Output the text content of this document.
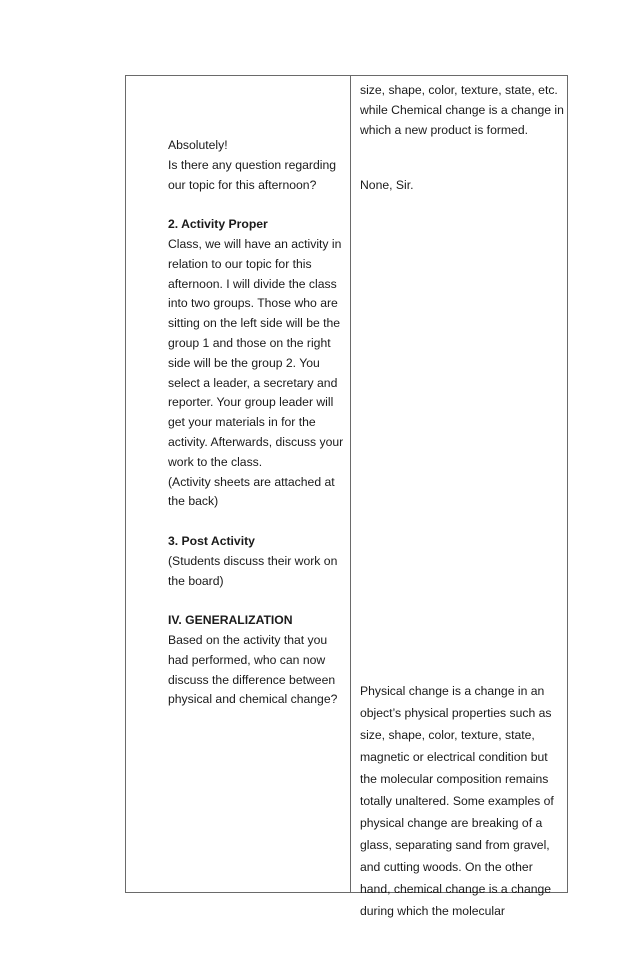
Absolutely!

Is there any question regarding our topic for this afternoon?

2. Activity Proper

Class, we will have an activity in relation to our topic for this afternoon. I will divide the class into two groups. Those who are sitting on the left side will be the group 1 and those on the right side will be the group 2. You select a leader, a secretary and reporter. Your group leader will get your materials in for the activity. Afterwards, discuss your work to the class.

(Activity sheets are attached at the back)

3. Post Activity

(Students discuss their work on the board)

IV. GENERALIZATION

Based on the activity that you had performed, who can now discuss the difference between physical and chemical change?

size, shape, color, texture, state, etc. while Chemical change is a change in which a new product is formed.

None, Sir.

Physical change is a change in an object’s physical properties such as size, shape, color, texture, state, magnetic or electrical condition but the molecular composition remains totally unaltered. Some examples of physical change are breaking of a glass, separating sand from gravel, and cutting woods. On the other hand, chemical change is a change during which the molecular
